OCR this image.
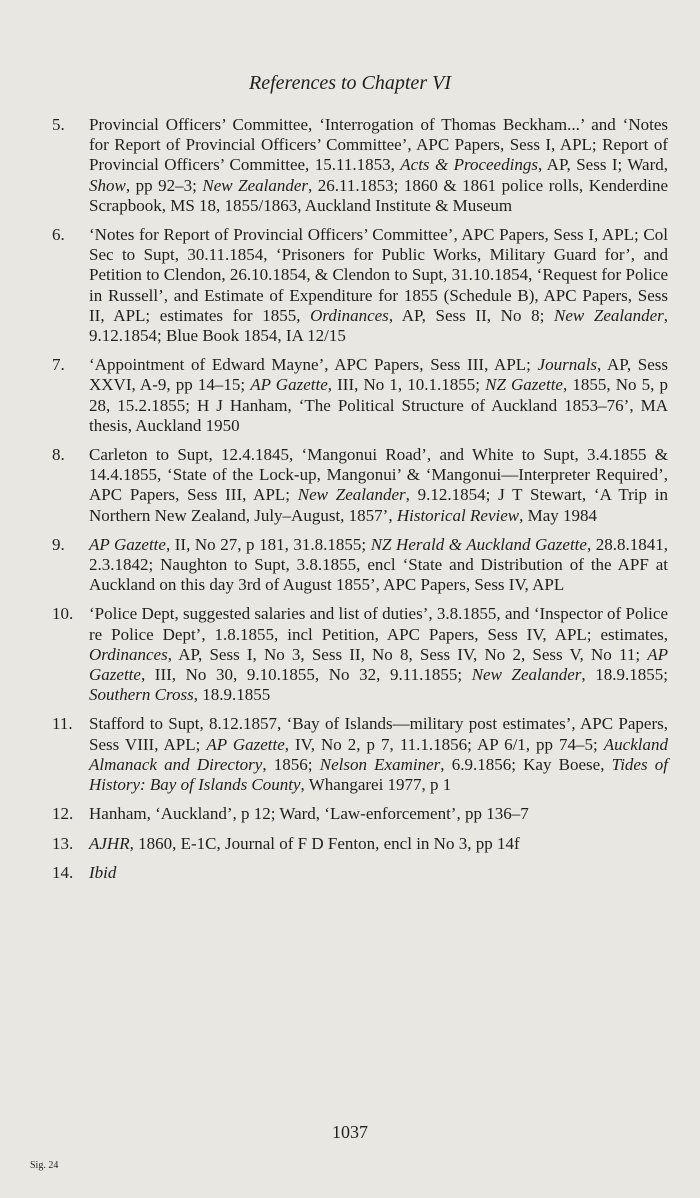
References to Chapter VI
5.	Provincial Officers’ Committee, ‘Interrogation of Thomas Beckham...’ and ‘Notes for Report of Provincial Officers’ Committee’, APC Papers, Sess I, APL; Report of Provincial Officers’ Committee, 15.11.1853, Acts & Proceedings, AP, Sess I; Ward, Show, pp 92–3; New Zealander, 26.11.1853; 1860 & 1861 police rolls, Kenderdine Scrapbook, MS 18, 1855/1863, Auckland Institute & Museum
6.	‘Notes for Report of Provincial Officers’ Committee’, APC Papers, Sess I, APL; Col Sec to Supt, 30.11.1854, ‘Prisoners for Public Works, Military Guard for’, and Petition to Clendon, 26.10.1854, & Clendon to Supt, 31.10.1854, ‘Request for Police in Russell’, and Estimate of Expenditure for 1855 (Schedule B), APC Papers, Sess II, APL; estimates for 1855, Ordinances, AP, Sess II, No 8; New Zealander, 9.12.1854; Blue Book 1854, IA 12/15
7.	‘Appointment of Edward Mayne’, APC Papers, Sess III, APL; Journals, AP, Sess XXVI, A-9, pp 14–15; AP Gazette, III, No 1, 10.1.1855; NZ Gazette, 1855, No 5, p 28, 15.2.1855; H J Hanham, ‘The Political Structure of Auckland 1853–76’, MA thesis, Auckland 1950
8.	Carleton to Supt, 12.4.1845, ‘Mangonui Road’, and White to Supt, 3.4.1855 & 14.4.1855, ‘State of the Lock-up, Mangonui’ & ‘Mangonui—Interpreter Required’, APC Papers, Sess III, APL; New Zealander, 9.12.1854; J T Stewart, ‘A Trip in Northern New Zealand, July–August, 1857’, Historical Review, May 1984
9.	AP Gazette, II, No 27, p 181, 31.8.1855; NZ Herald & Auckland Gazette, 28.8.1841, 2.3.1842; Naughton to Supt, 3.8.1855, encl ‘State and Distribution of the APF at Auckland on this day 3rd of August 1855’, APC Papers, Sess IV, APL
10. ‘Police Dept, suggested salaries and list of duties’, 3.8.1855, and ‘Inspector of Police re Police Dept’, 1.8.1855, incl Petition, APC Papers, Sess IV, APL; estimates, Ordinances, AP, Sess I, No 3, Sess II, No 8, Sess IV, No 2, Sess V, No 11; AP Gazette, III, No 30, 9.10.1855, No 32, 9.11.1855; New Zealander, 18.9.1855; Southern Cross, 18.9.1855
11. Stafford to Supt, 8.12.1857, ‘Bay of Islands—military post estimates’, APC Papers, Sess VIII, APL; AP Gazette, IV, No 2, p 7, 11.1.1856; AP 6/1, pp 74–5; Auckland Almanack and Directory, 1856; Nelson Examiner, 6.9.1856; Kay Boese, Tides of History: Bay of Islands County, Whangarei 1977, p 1
12. Hanham, ‘Auckland’, p 12; Ward, ‘Law-enforcement’, pp 136–7
13. AJHR, 1860, E-1C, Journal of F D Fenton, encl in No 3, pp 14f
14. Ibid
1037
Sig. 24
